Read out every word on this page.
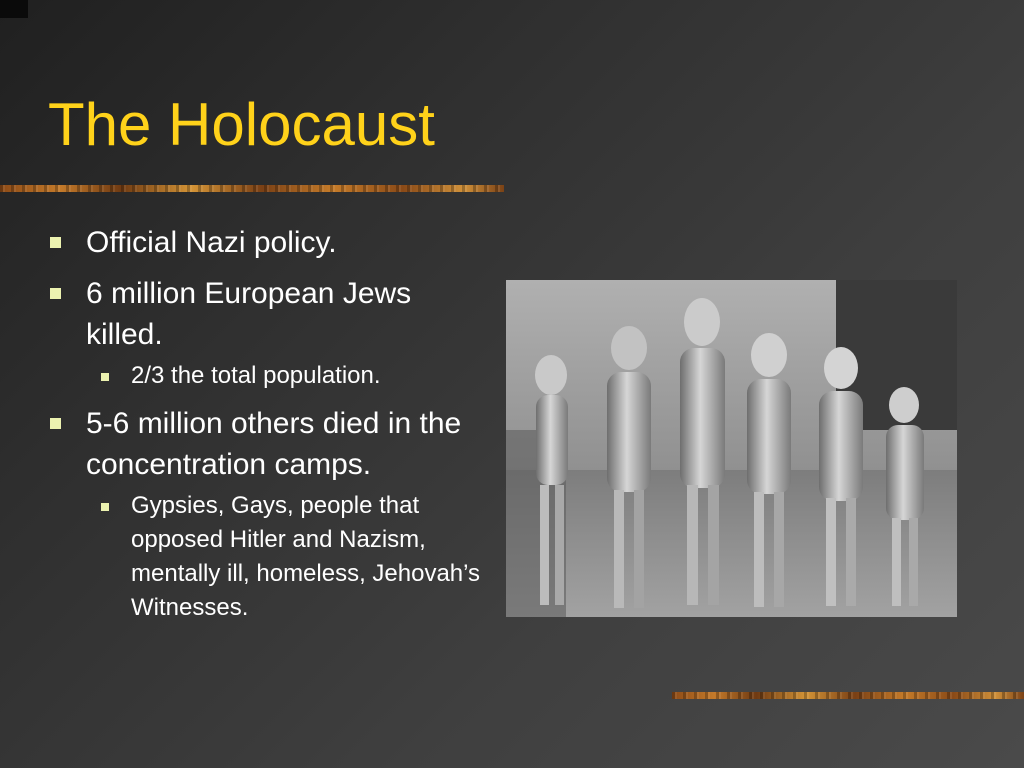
The Holocaust
Official Nazi policy.
6 million European Jews killed.
2/3 the total population.
5-6 million others died in the concentration camps.
Gypsies, Gays, people that opposed Hitler and Nazism, mentally ill, homeless, Jehovah’s Witnesses.
